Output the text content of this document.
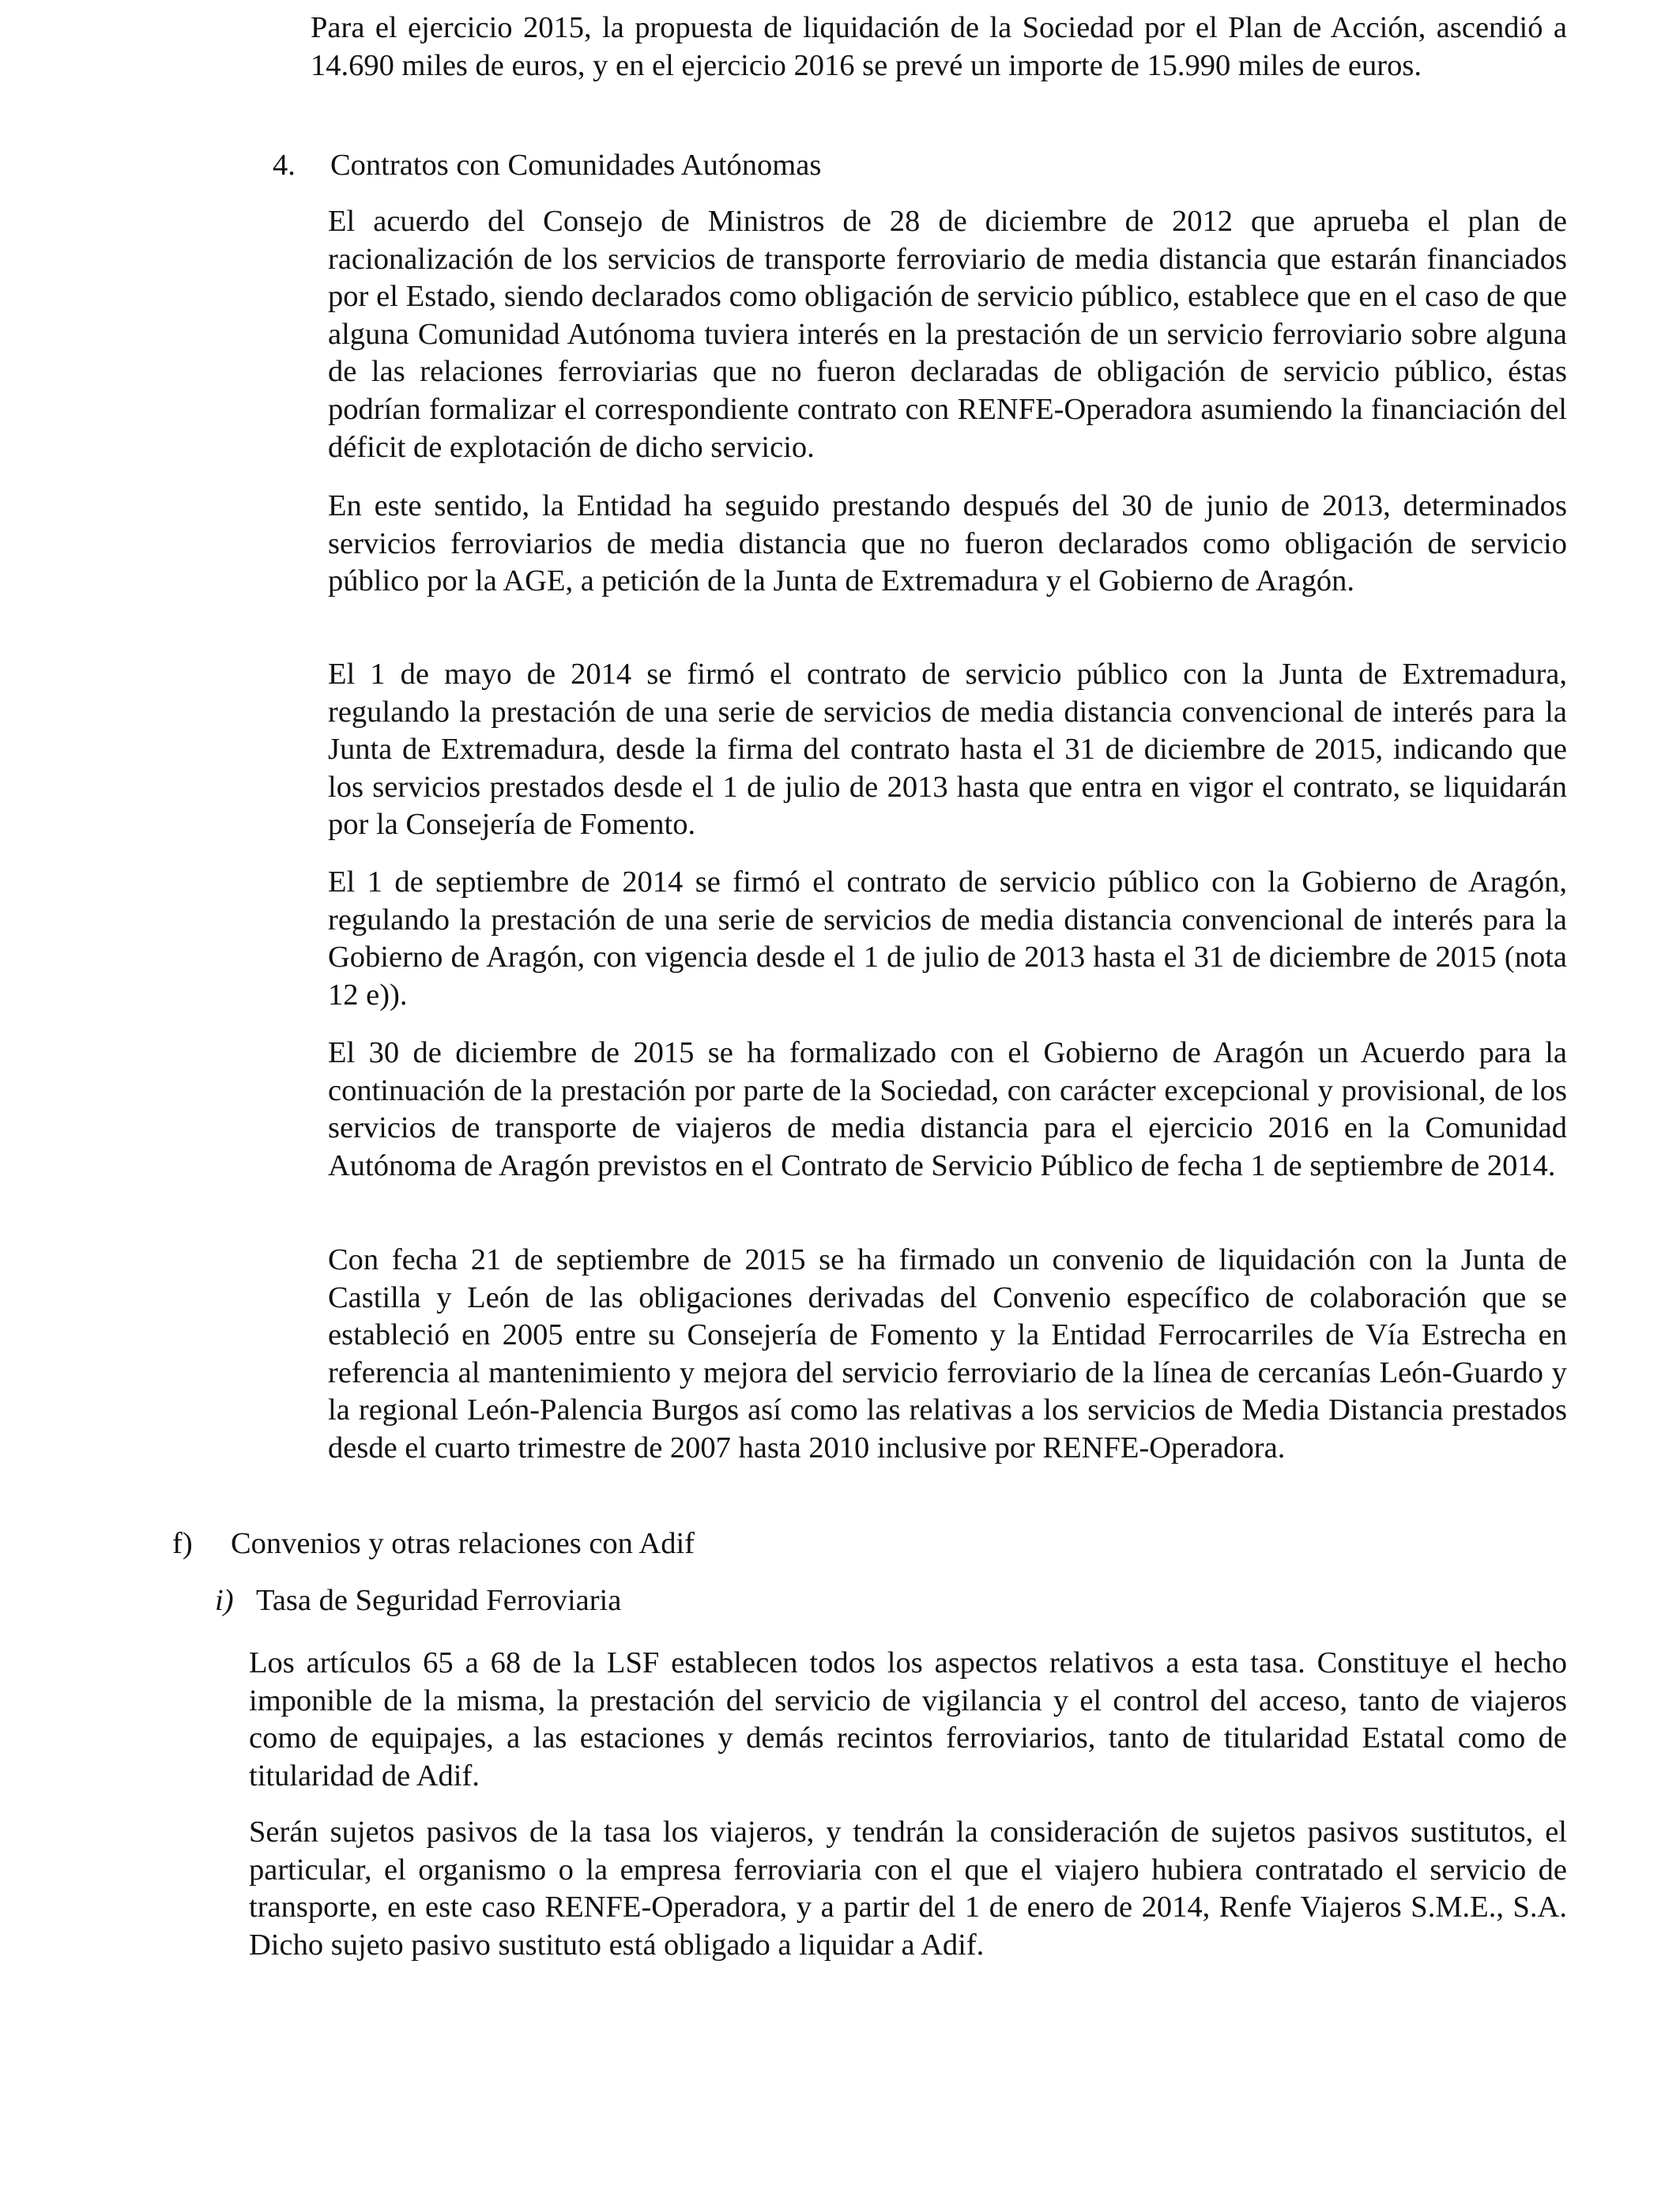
Para el ejercicio 2015, la propuesta de liquidación de la Sociedad por el Plan de Acción, ascendió a 14.690 miles de euros, y en el ejercicio 2016 se prevé un importe de 15.990 miles de euros.

4. Contratos con Comunidades Autónomas

El acuerdo del Consejo de Ministros de 28 de diciembre de 2012 que aprueba el plan de racionalización de los servicios de transporte ferroviario de media distancia que estarán financiados por el Estado, siendo declarados como obligación de servicio público, establece que en el caso de que alguna Comunidad Autónoma tuviera interés en la prestación de un servicio ferroviario sobre alguna de las relaciones ferroviarias que no fueron declaradas de obligación de servicio público, éstas podrían formalizar el correspondiente contrato con RENFE-Operadora asumiendo la financiación del déficit de explotación de dicho servicio.

En este sentido, la Entidad ha seguido prestando después del 30 de junio de 2013, determinados servicios ferroviarios de media distancia que no fueron declarados como obligación de servicio público por la AGE, a petición de la Junta de Extremadura y el Gobierno de Aragón.

El 1 de mayo de 2014 se firmó el contrato de servicio público con la Junta de Extremadura, regulando la prestación de una serie de servicios de media distancia convencional de interés para la Junta de Extremadura, desde la firma del contrato hasta el 31 de diciembre de 2015, indicando que los servicios prestados desde el 1 de julio de 2013 hasta que entra en vigor el contrato, se liquidarán por la Consejería de Fomento.

El 1 de septiembre de 2014 se firmó el contrato de servicio público con la Gobierno de Aragón, regulando la prestación de una serie de servicios de media distancia convencional de interés para la Gobierno de Aragón, con vigencia desde el 1 de julio de 2013 hasta el 31 de diciembre de 2015 (nota 12 e)).

El 30 de diciembre de 2015 se ha formalizado con el Gobierno de Aragón un Acuerdo para la continuación de la prestación por parte de la Sociedad, con carácter excepcional y provisional, de los servicios de transporte de viajeros de media distancia para el ejercicio 2016 en la Comunidad Autónoma de Aragón previstos en el Contrato de Servicio Público de fecha 1 de septiembre de 2014.

Con fecha 21 de septiembre de 2015 se ha firmado un convenio de liquidación con la Junta de Castilla y León de las obligaciones derivadas del Convenio específico de colaboración que se estableció en 2005 entre su Consejería de Fomento y la Entidad Ferrocarriles de Vía Estrecha en referencia al mantenimiento y mejora del servicio ferroviario de la línea de cercanías León-Guardo y la regional León-Palencia Burgos así como las relativas a los servicios de Media Distancia prestados desde el cuarto trimestre de 2007 hasta 2010 inclusive por RENFE-Operadora.

f) Convenios y otras relaciones con Adif
i) Tasa de Seguridad Ferroviaria

Los artículos 65 a 68 de la LSF establecen todos los aspectos relativos a esta tasa. Constituye el hecho imponible de la misma, la prestación del servicio de vigilancia y el control del acceso, tanto de viajeros como de equipajes, a las estaciones y demás recintos ferroviarios, tanto de titularidad Estatal como de titularidad de Adif.

Serán sujetos pasivos de la tasa los viajeros, y tendrán la consideración de sujetos pasivos sustitutos, el particular, el organismo o la empresa ferroviaria con el que el viajero hubiera contratado el servicio de transporte, en este caso RENFE-Operadora, y a partir del 1 de enero de 2014, Renfe Viajeros S.M.E., S.A. Dicho sujeto pasivo sustituto está obligado a liquidar a Adif.
